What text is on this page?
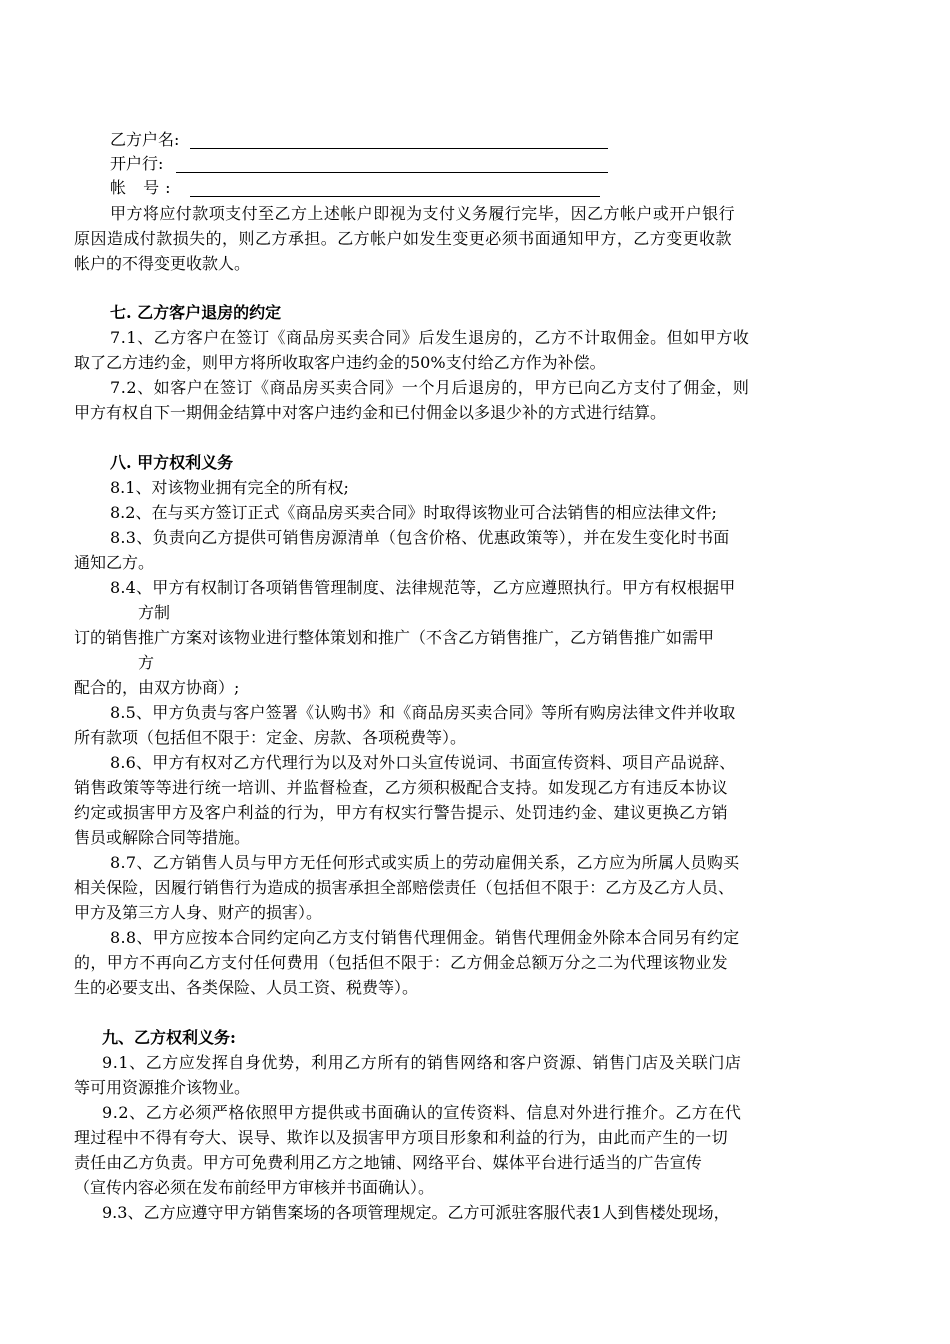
乙方户名:
开户行:
帐 号:
甲方将应付款项支付至乙方上述帐户即视为支付义务履行完毕，因乙方帐户或开户银行
原因造成付款损失的，则乙方承担。乙方帐户如发生变更必须书面通知甲方，乙方变更收款
帐户的不得变更收款人。
七. 乙方客户退房的约定
7.1、乙方客户在签订《商品房买卖合同》后发生退房的，乙方不计取佣金。但如甲方收
取了乙方违约金，则甲方将所收取客户违约金的50%支付给乙方作为补偿。
7.2、如客户在签订《商品房买卖合同》一个月后退房的，甲方已向乙方支付了佣金，则
甲方有权自下一期佣金结算中对客户违约金和已付佣金以多退少补的方式进行结算。
八. 甲方权利义务
8.1、对该物业拥有完全的所有权;
8.2、在与买方签订正式《商品房买卖合同》时取得该物业可合法销售的相应法律文件;
8.3、负责向乙方提供可销售房源清单（包含价格、优惠政策等），并在发生变化时书面
通知乙方。
8.4、甲方有权制订各项销售管理制度、法律规范等，乙方应遵照执行。甲方有权根据甲
方制
订的销售推广方案对该物业进行整体策划和推广（不含乙方销售推广，乙方销售推广如需甲
方
配合的，由双方协商）;
8.5、甲方负责与客户签署《认购书》和《商品房买卖合同》等所有购房法律文件并收取
所有款项（包括但不限于：定金、房款、各项税费等）。
8.6、甲方有权对乙方代理行为以及对外口头宣传说词、书面宣传资料、项目产品说辞、
销售政策等等进行统一培训、并监督检查，乙方须积极配合支持。如发现乙方有违反本协议
约定或损害甲方及客户利益的行为，甲方有权实行警告提示、处罚违约金、建议更换乙方销
售员或解除合同等措施。
8.7、乙方销售人员与甲方无任何形式或实质上的劳动雇佣关系，乙方应为所属人员购买
相关保险，因履行销售行为造成的损害承担全部赔偿责任（包括但不限于：乙方及乙方人员、
甲方及第三方人身、财产的损害）。
8.8、甲方应按本合同约定向乙方支付销售代理佣金。销售代理佣金外除本合同另有约定
的，甲方不再向乙方支付任何费用（包括但不限于：乙方佣金总额万分之二为代理该物业发
生的必要支出、各类保险、人员工资、税费等）。
九、乙方权利义务:
9.1、乙方应发挥自身优势，利用乙方所有的销售网络和客户资源、销售门店及关联门店
等可用资源推介该物业。
9.2、乙方必须严格依照甲方提供或书面确认的宣传资料、信息对外进行推介。乙方在代
理过程中不得有夸大、误导、欺诈以及损害甲方项目形象和利益的行为，由此而产生的一切
责任由乙方负责。甲方可免费利用乙方之地铺、网络平台、媒体平台进行适当的广告宣传
（宣传内容必须在发布前经甲方审核并书面确认）。
9.3、乙方应遵守甲方销售案场的各项管理规定。乙方可派驻客服代表1人到售楼处现场，
